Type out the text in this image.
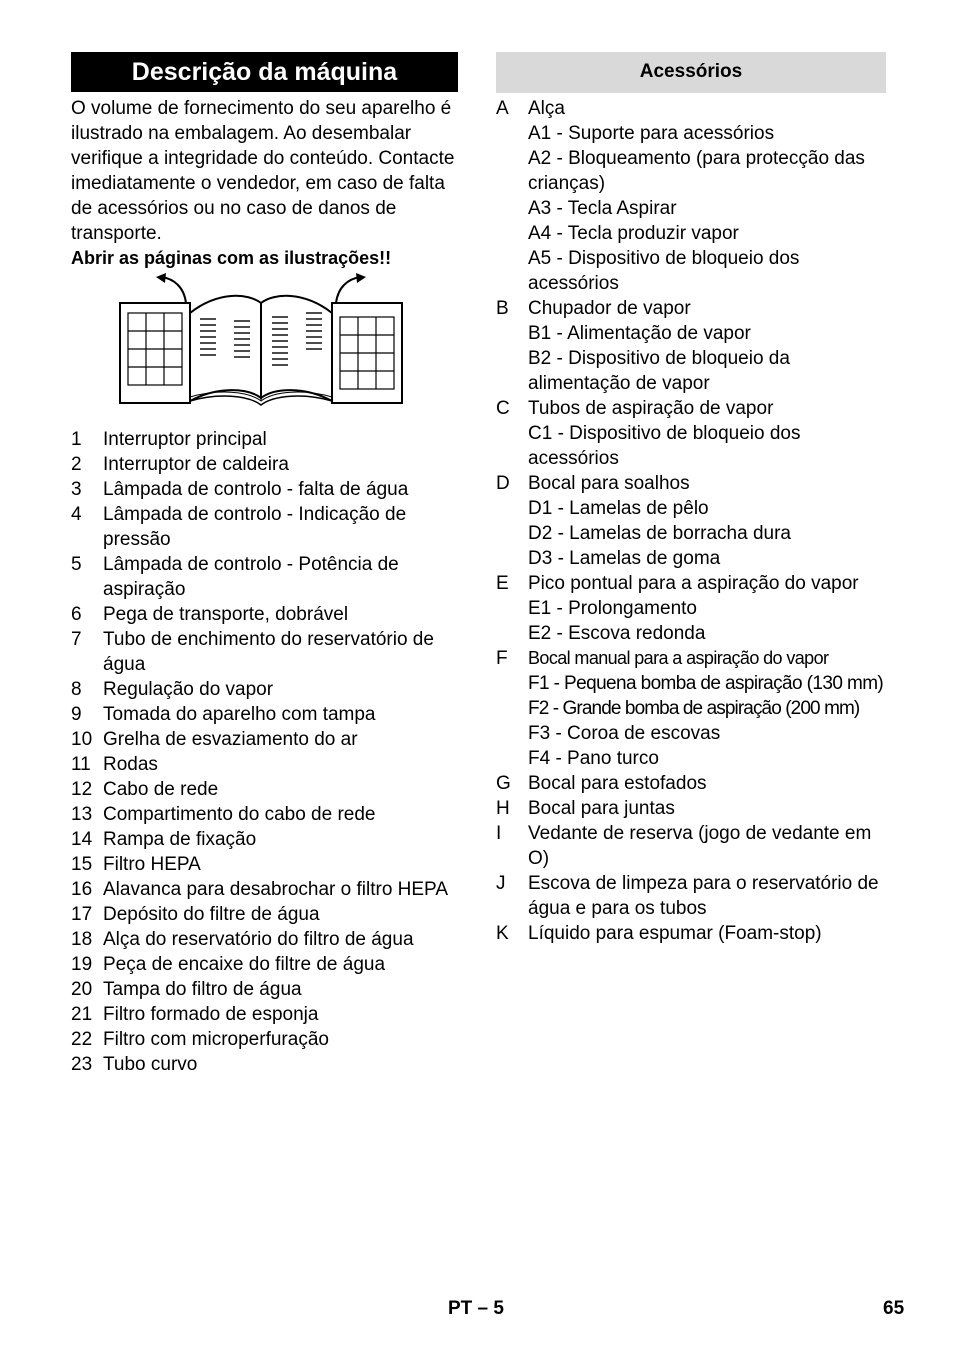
Descrição da máquina

O volume de fornecimento do seu aparelho é ilustrado na embalagem. Ao desembalar verifique a integridade do conteúdo. Contacte imediatamente o vendedor, em caso de falta de acessórios ou no caso de danos de transporte.

Abrir as páginas com as ilustrações!!

1 Interruptor principal
2 Interruptor de caldeira
3 Lâmpada de controlo - falta de água
4 Lâmpada de controlo - Indicação de pressão
5 Lâmpada de controlo - Potência de aspiração
6 Pega de transporte, dobrável
7 Tubo de enchimento do reservatório de água
8 Regulação do vapor
9 Tomada do aparelho com tampa
10 Grelha de esvaziamento do ar
11 Rodas
12 Cabo de rede
13 Compartimento do cabo de rede
14 Rampa de fixação
15 Filtro HEPA
16 Alavanca para desabrochar o filtro HEPA
17 Depósito do filtre de água
18 Alça do reservatório do filtro de água
19 Peça de encaixe do filtre de água
20 Tampa do filtro de água
21 Filtro formado de esponja
22 Filtro com microperfuração
23 Tubo curvo
Acessórios
A Alça
A1 - Suporte para acessórios
A2 - Bloqueamento (para protecção das crianças)
A3 - Tecla Aspirar
A4 - Tecla produzir vapor
A5 - Dispositivo de bloqueio dos acessórios
B Chupador de vapor
B1 - Alimentação de vapor
B2 - Dispositivo de bloqueio da alimentação de vapor
C Tubos de aspiração de vapor
C1 - Dispositivo de bloqueio dos acessórios
D Bocal para soalhos
D1 - Lamelas de pêlo
D2 - Lamelas de borracha dura
D3 - Lamelas de goma
E Pico pontual para a aspiração do vapor
E1 - Prolongamento
E2 - Escova redonda
F Bocal manual para a aspiração do vapor
F1 - Pequena bomba de aspiração (130 mm)
F2 - Grande bomba de aspiração (200 mm)
F3 - Coroa de escovas
F4 - Pano turco
G Bocal para estofados
H Bocal para juntas
I Vedante de reserva (jogo de vedante em O)
J Escova de limpeza para o reservatório de água e para os tubos
K Líquido para espumar (Foam-stop)
PT – 5	65
